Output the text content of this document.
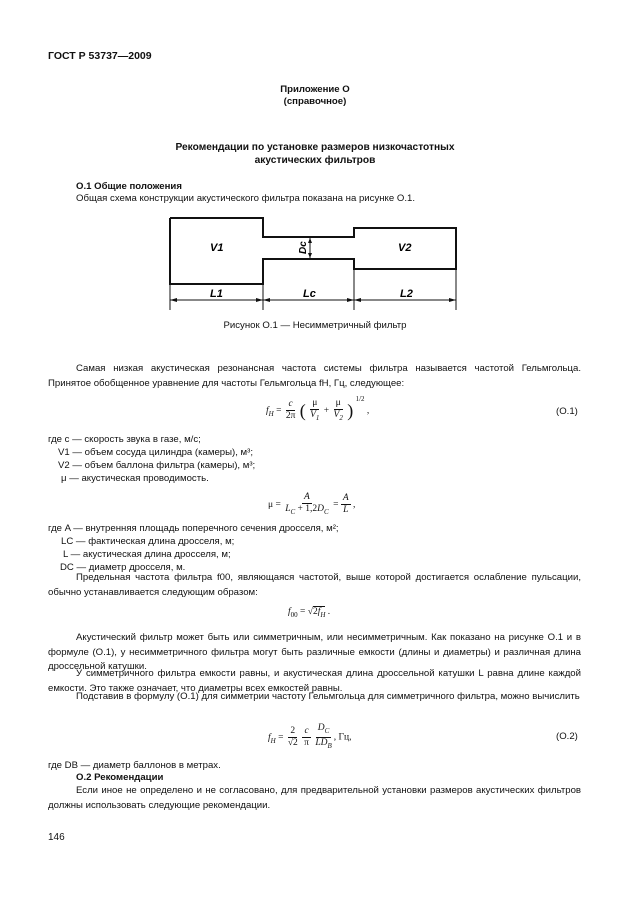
ГОСТ Р 53737—2009
Приложение О
(справочное)
Рекомендации по установке размеров низкочастотных
акустических фильтров
О.1 Общие положения
Общая схема конструкции акустического фильтра показана на рисунке О.1.
Dc
V1	V2
L1	Lc	L2
Рисунок О.1 — Несимметричный фильтр
Самая низкая акустическая резонансная частота системы фильтра называется частотой Гельмгольца. Принятое обобщенное уравнение для частоты Гельмгольца fH, Гц, следующее:
$f_H = \frac{c}{2\pi}$ ( $\frac{\mu}{V_1} + \frac{\mu}{V_2}$ ) $^{1/2}$ ,	(О.1)
где с — скорость звука в газе, м/с;
V1 — объем сосуда цилиндра (камеры), м³;
V2 — объем баллона фильтра (камеры), м³;
μ — акустическая проводимость.
$\mu = \frac{A}{L_C + 1,2D_C} = \frac{A}{L}$ ,
где A — внутренняя площадь поперечного сечения дросселя, м²;
LC — фактическая длина дросселя, м;
L — акустическая длина дросселя, м;
DC — диаметр дросселя, м.
Предельная частота фильтра f00, являющаяся частотой, выше которой достигается ослабление пульсации, обычно устанавливается следующим образом:
$f_{00} = √2f_H$ .
Акустический фильтр может быть или симметричным, или несимметричным. Как показано на рисунке О.1 и в формуле (О.1), у несимметричного фильтра могут быть различные емкости (длины и диаметры) и различная длина дроссельной катушки.
У симметричного фильтра емкости равны, и акустическая длина дроссельной катушки L равна длине каждой емкости. Это также означает, что диаметры всех емкостей равны.
Подставив в формулу (О.1) для симметрии частоту Гельмгольца для симметричного фильтра, можно вычислить
$f_H = \frac{2}{√2}$
$\frac{c}{\pi}$
$\frac{D_C}{LD_B}$ , Гц,	(О.2)
где DB — диаметр баллонов в метрах.
О.2 Рекомендации
Если иное не определено и не согласовано, для предварительной установки размеров акустических фильтров должны использовать следующие рекомендации.
146
